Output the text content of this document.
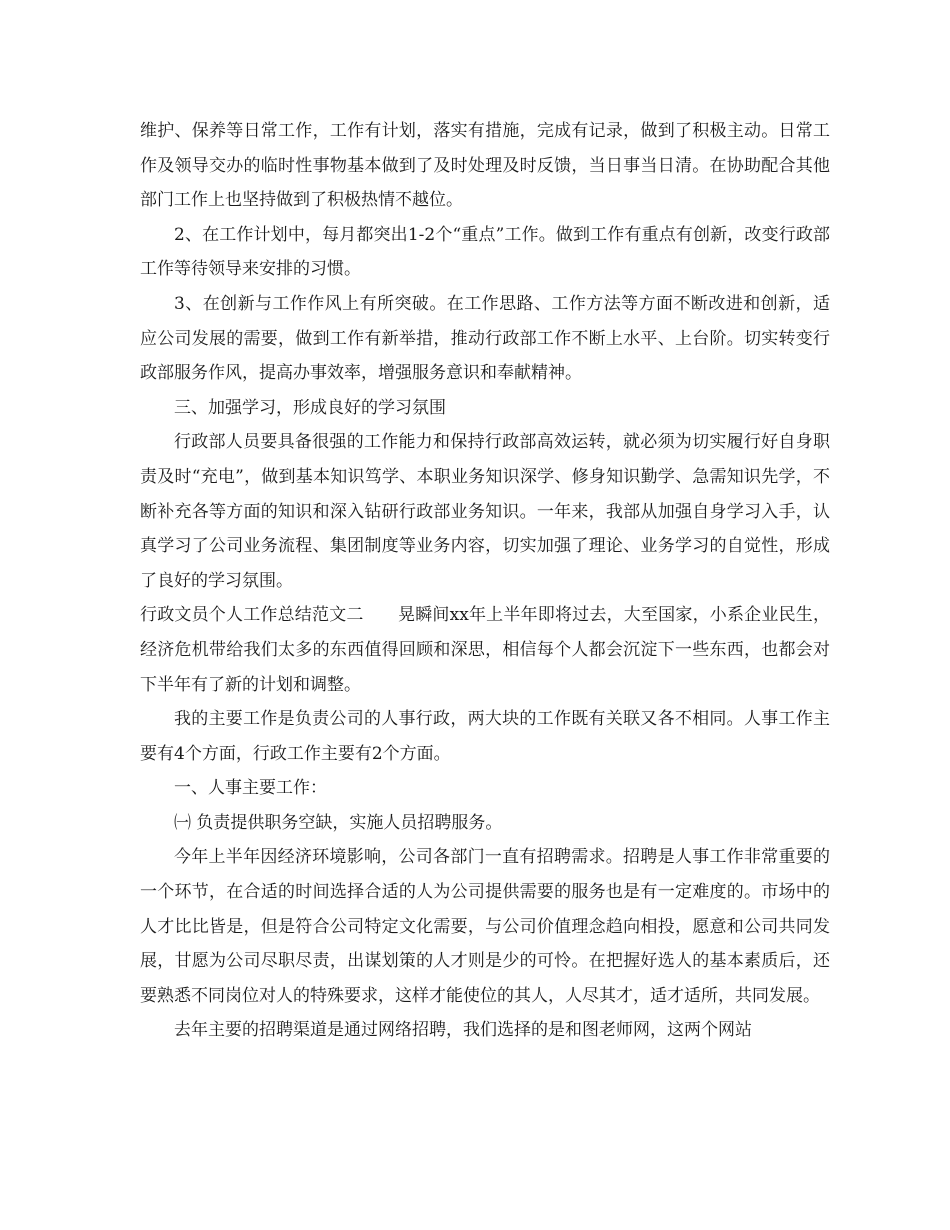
维护、保养等日常工作，工作有计划，落实有措施，完成有记录，做到了积极主动。日常工作及领导交办的临时性事物基本做到了及时处理及时反馈，当日事当日清。在协助配合其他部门工作上也坚持做到了积极热情不越位。

2、在工作计划中，每月都突出1-2个“重点”工作。做到工作有重点有创新，改变行政部工作等待领导来安排的习惯。

3、在创新与工作作风上有所突破。在工作思路、工作方法等方面不断改进和创新，适应公司发展的需要，做到工作有新举措，推动行政部工作不断上水平、上台阶。切实转变行政部服务作风，提高办事效率，增强服务意识和奉献精神。

三、加强学习，形成良好的学习氛围

行政部人员要具备很强的工作能力和保持行政部高效运转，就必须为切实履行好自身职责及时“充电”，做到基本知识笃学、本职业务知识深学、修身知识勤学、急需知识先学，不断补充各等方面的知识和深入钻研行政部业务知识。一年来，我部从加强自身学习入手，认真学习了公司业务流程、集团制度等业务内容，切实加强了理论、业务学习的自觉性，形成了良好的学习氛围。

行政文员个人工作总结范文二　　晃瞬间xx年上半年即将过去，大至国家，小系企业民生，经济危机带给我们太多的东西值得回顾和深思，相信每个人都会沉淀下一些东西，也都会对下半年有了新的计划和调整。

我的主要工作是负责公司的人事行政，两大块的工作既有关联又各不相同。人事工作主要有4个方面，行政工作主要有2个方面。

一、人事主要工作：

㈠ 负责提供职务空缺，实施人员招聘服务。

今年上半年因经济环境影响，公司各部门一直有招聘需求。招聘是人事工作非常重要的一个环节，在合适的时间选择合适的人为公司提供需要的服务也是有一定难度的。市场中的人才比比皆是，但是符合公司特定文化需要，与公司价值理念趋向相投，愿意和公司共同发展，甘愿为公司尽职尽责，出谋划策的人才则是少的可怜。在把握好选人的基本素质后，还要熟悉不同岗位对人的特殊要求，这样才能使位的其人，人尽其才，适才适所，共同发展。

去年主要的招聘渠道是通过网络招聘，我们选择的是和图老师网，这两个网站
